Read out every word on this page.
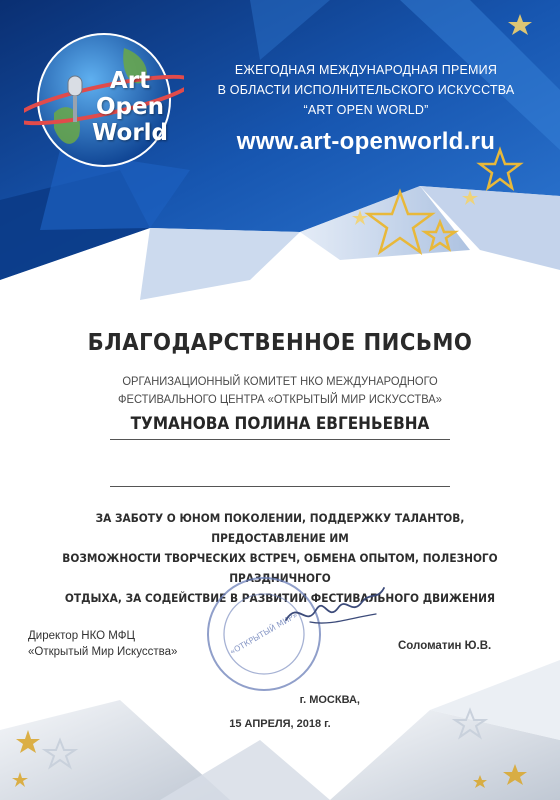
Art
Open
World
ЕЖЕГОДНАЯ МЕЖДУНАРОДНАЯ ПРЕМИЯ
В ОБЛАСТИ ИСПОЛНИТЕЛЬСКОГО ИСКУССТВА
“ART OPEN WORLD”
www.art-openworld.ru
БЛАГОДАРСТВЕННОЕ ПИСЬМО
ОРГАНИЗАЦИОННЫЙ КОМИТЕТ НКО МЕЖДУНАРОДНОГО
ФЕСТИВАЛЬНОГО ЦЕНТРА «ОТКРЫТЫЙ МИР ИСКУССТВА»
ТУМАНОВА ПОЛИНА ЕВГЕНЬЕВНА
ЗА ЗАБОТУ О ЮНОМ ПОКОЛЕНИИ, ПОДДЕРЖКУ ТАЛАНТОВ, ПРЕДОСТАВЛЕНИЕ ИМ
ВОЗМОЖНОСТИ ТВОРЧЕСКИХ ВСТРЕЧ, ОБМЕНА ОПЫТОМ, ПОЛЕЗНОГО ПРАЗДНИЧНОГО
ОТДЫХА, ЗА СОДЕЙСТВИЕ В РАЗВИТИИ ФЕСТИВАЛЬНОГО ДВИЖЕНИЯ
«ОТКРЫТЫЙ МИР»
Директор НКО МФЦ
«Открытый Мир Искусства»	Соломатин Ю.В.
г. МОСКВА,
15 АПРЕЛЯ, 2018 г.
